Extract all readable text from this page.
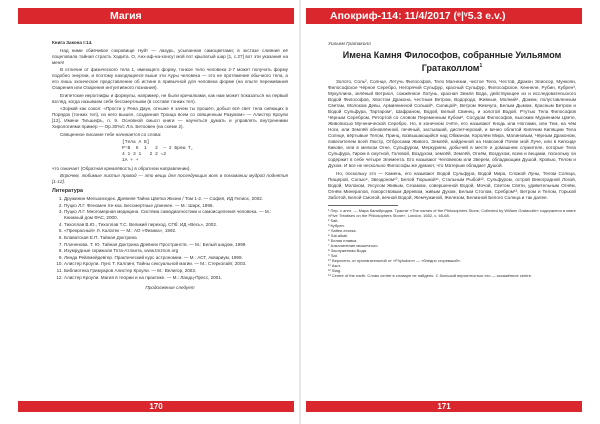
Магия

Книга Закона I:14.

Над ними сбивчивое сокровище Нуйт — лазурь, усыпанная самоцветами; в экстазе слияния её поцеловала тайная страсть Хадита. О, Анх-аф-на-хонсу! мой пот крылатый шар [1, с.27] вот эти указания на меня!

В отличие от физического тела 1, имеющего форму, тонкое тело человека 2-7 может получить форму подобно энергии, и поэтому находящееся выше эти Ауры человека — это не протяжение обычного тела, а его лишь эхоическое представление об истине в привычной для человека форме (на опыте переживания Озарения или Озарения интуитивного познания).

Египетские иероглифы и формулы, например, не были кричалками, как нам может показаться на первый взгляд, когда называем себя бессмертными (в составе тонких тел).

«Зоркий как сокол: «Прости у Рена Даун, отныне я зачем ты прошёл, добыл всё свет тела сияющих в Порядок (тонких тел), из него вышел, созданная Троица всем со священным Разумом» — Алистер Кроули [12]. Имени Тиъшефъ, п. 9. Основной смысл книги — научиться думать и управлять внутренними Хирологиями пример — Ор.30%/с Л.в. Бетховен (на схеме 2).

Священное писание тебе начинается со слова:

[Тела A B]
Р°В  К  1   2  — 2 Бреш Т,
4 1 3 1   2 2 =2
1А + +

что означает (Обратная кремлёвость) в обратном направлении).

Впрочем, любимые листья провод — это вещи для последующих всех в понимании мудрой поднятия [1-12].

Литература

1. Дружинин Мельхиседек. Древняя Тайна Цветка Жизни / Том 1-2. — София, ИД Гелиос, 2002.
2. Пуцко Л.Г. Феномен Хе-кха. Бессмертные длиннее. — М.: Шарк, 1996.
3. Пуцко Л.Г. Многомерная медицина. Система самодиагностики и самоисцеления человека. — М.: Книжный дом ФАС, 2000.
4. Тихоплав В.Ю., Тихоплав Т.С. Великий переход. СПб: ИД «Весь», 2002.
5. «Прекрасный» Л. Калатек — М.: АО «Физика», 1992.
6. Блаватская Е.П. Тайная Доктрина
7. Плаченова. Т. Ю. Тайная Доктрина Древних Пространств. — М.: Белый шадом, 1999.
8. Изумрудные скрижали Тота-Атланта, www.tmznon.org
9. Линда Рейлмейдевгер. Практический курс астрономии. — М.: АСТ, Аквариум, 1999.
10. Алистер Кроули. Лунс Т. Каллинг. Тайны сексуальной магии. — М.: Стерколайт, 2003.
11. Библиотека Гримуаров Алистер Кроули. — М.: Велигор, 2003.
12. Алистер Кроули. Магия в теории и на практике. — М.: Ландц-Прясс, 2001.

Продолжение следует

170
Апокриф-114: 11/4/2017 (ᵉ|ᵛ5.3 e.v.)
Уильям Гратаколл
Имена Камня Философов, собранные Уильямом Гратаколлом$^1$

Золото, Соль², Солнце, Летучь Философов, Тело Магнезии, чистое Тело, Честов, Дракон Элиосор, Мункопи, Философское Чёрное Серебро, Негорячий Сульфур, красный Сульфур, Философское, Кеннеле, Рубин, Кубрен³, Мукуллина, зелёный Ветриол, сожжённое Латунь, красная Земля Вода, действующее из и исследовательского Водой Философов, Хвостом Дракона, честным Ветром, Водорода, Живные, Молний⁴, Дожем, полуставленным Светам, Молоком Девы, Армиянинной Сольюй⁵, Силицой⁶, Ветром Жемчуга, Белым Дымом, Красным Ветром и Водой Сульфура, Тартаром⁷, Шафраном, Водой, Белый Свинец, и золотой Водой. Ртутью Тела Философов Чёрным Серебром, Ретортой со словом Переменным Кубом⁸, Сосудом Философов, высоким Муриением Цвете, Живописью Мученической Серебро. Но, в конечном счёте, его называют Кнодь или Ноглами, или Тем, на чём Ноги, или Землёй обновлённой, печёный, застывший, диспетчерский, и вечно облитой Кипячим Кипящим Тела Солнце, вёртывые Телом, Принц, возвышающийся над Обманом, Королём Мира, Малиновым, Чёрным Драконом, повелителем всей Люстр, Отбросами Живого, Землёй, найденной на Навозной Почве мой Луче, или в Кипсиде Кикове, или в мелком Огне, Сульфуром, Меркурием, добычей в месте и домашнем служителе, которые Тела Сульфура, Гиром в смутной, Головой, Воздухом, землёй, Землёй, Огнём, Воздухом, всем и вещами, поскольку он содержит в себе четыре Элемента. Его называют Человеком или Зверем, обладающим Душой, Кровью, Телом и Духом. И все не нескольно Философы же думают, что Матерым обладает Душой.

Но, поскольку это — Камень, его называют Водой Сульфура, Водой Мира, Сложой Луны, Телом Солнца, Пищерой, Солью⁹, Звездоном¹⁰, Белой Тюрьмой¹¹, Стальным Рыбой¹², Сульфуром, острой Виноградной Лозой, Водой, Молоком, Уксусом Живым, Сезамом, совершенной Водой, Мочой, Светом Святи, удивительным Огнём, Огнём Минералов, покорствовым Деревом, живым Духом, Белым Столом, Сребром¹³, Ветром и Телом, Горькой Заботой, Белой Смолой, вечной Водой, Жемчужиной, Железом, Белизной Белого Солнца и так далее.

¹ Пер. с англ. — Мара Калибродна. Трактат «The names of the Philosophers Stone, Collected by William Gratacolle» содержится в книге «Five Treatises on the Philosophers Stone», London, 1652, c. 65-68.
² Salt.
³ Кубрен.
⁴ Saltee-ecrosa.
⁵ Sal-alkali.
⁶ Белая плавка.
⁷ Алкалинение мышечного.
⁸ Заслуженная Вода.
⁹ Sal.
¹⁰ Вероятно, от прилагательной от «Fhylodom» — «бледно сгоревший».
¹¹ Азот.
¹² Stag.
¹³ Centre of the earth. Слово centre в словаре не найдено. С большой вероятностью это — искажённое centre.
171
